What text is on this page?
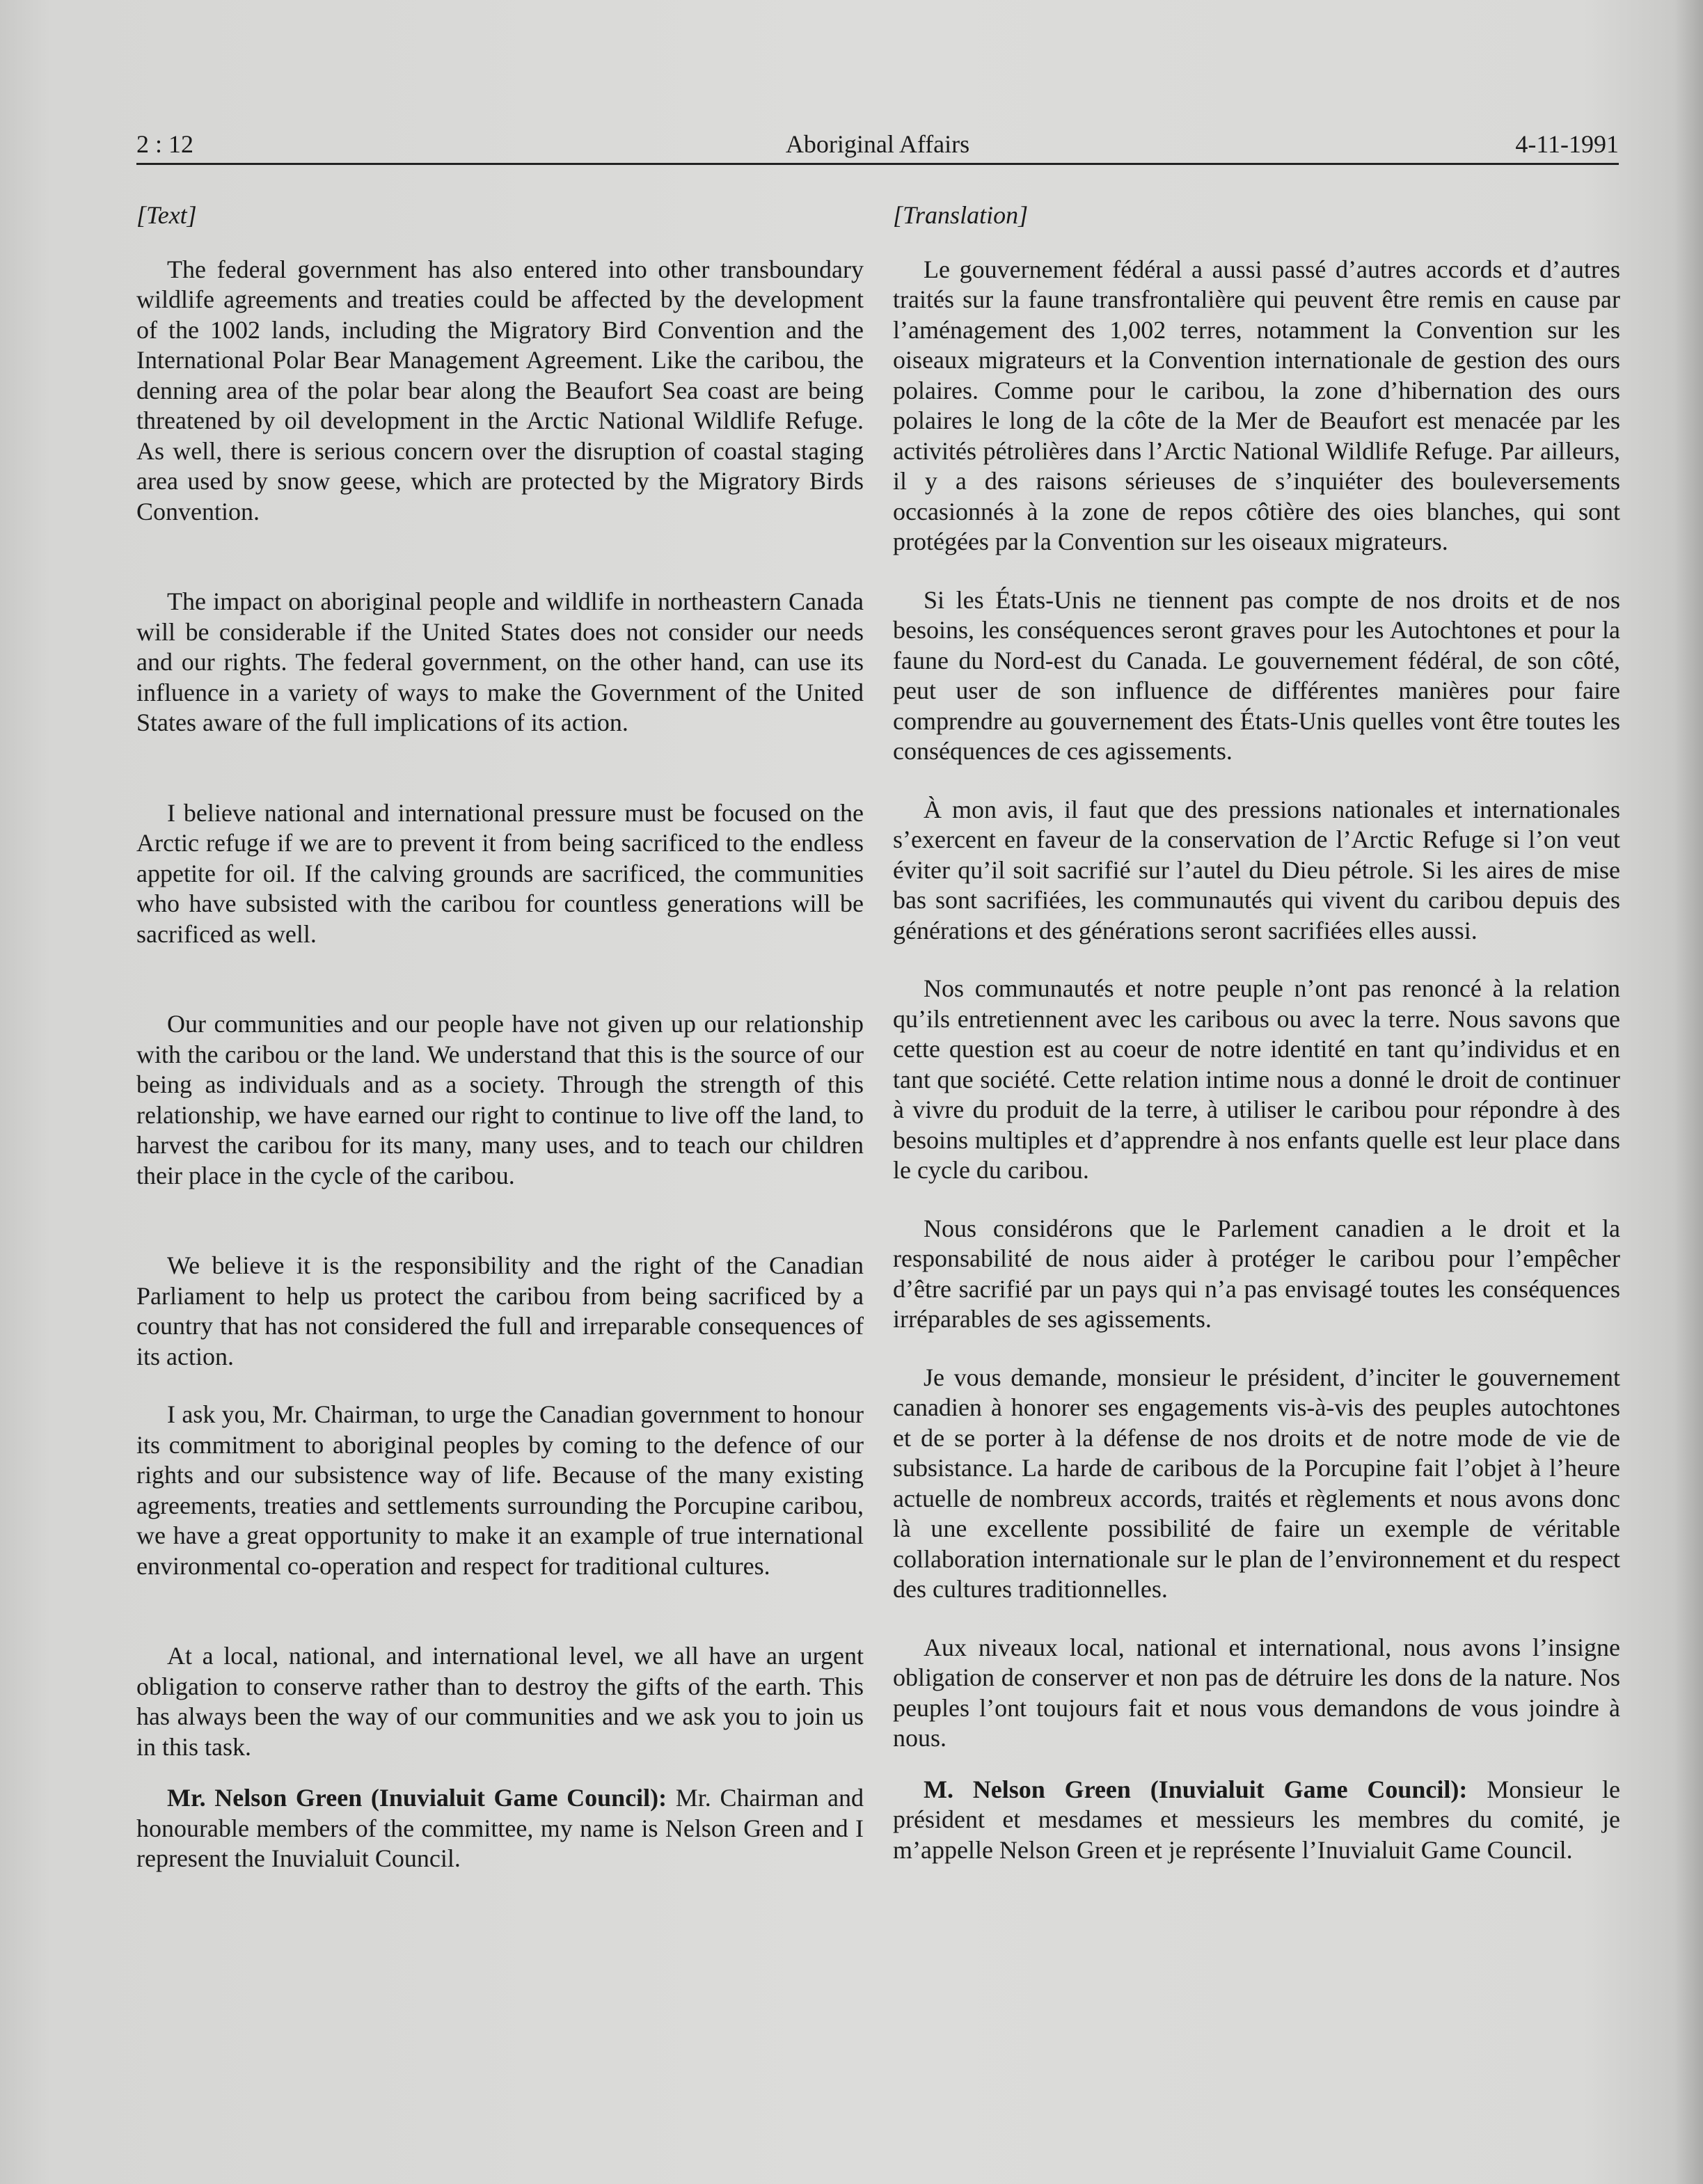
2 : 12	Aboriginal Affairs	4-11-1991

[Text]

The federal government has also entered into other transboundary wildlife agreements and treaties could be affected by the development of the 1002 lands, including the Migratory Bird Convention and the International Polar Bear Management Agreement. Like the caribou, the denning area of the polar bear along the Beaufort Sea coast are being threatened by oil development in the Arctic National Wildlife Refuge. As well, there is serious concern over the disruption of coastal staging area used by snow geese, which are protected by the Migratory Birds Convention.

The impact on aboriginal people and wildlife in northeastern Canada will be considerable if the United States does not consider our needs and our rights. The federal government, on the other hand, can use its influence in a variety of ways to make the Government of the United States aware of the full implications of its action.

I believe national and international pressure must be focused on the Arctic refuge if we are to prevent it from being sacrificed to the endless appetite for oil. If the calving grounds are sacrificed, the communities who have subsisted with the caribou for countless generations will be sacrificed as well.

Our communities and our people have not given up our relationship with the caribou or the land. We understand that this is the source of our being as individuals and as a society. Through the strength of this relationship, we have earned our right to continue to live off the land, to harvest the caribou for its many, many uses, and to teach our children their place in the cycle of the caribou.

We believe it is the responsibility and the right of the Canadian Parliament to help us protect the caribou from being sacrificed by a country that has not considered the full and irreparable consequences of its action.

I ask you, Mr. Chairman, to urge the Canadian government to honour its commitment to aboriginal peoples by coming to the defence of our rights and our subsistence way of life. Because of the many existing agreements, treaties and settlements surrounding the Porcupine caribou, we have a great opportunity to make it an example of true international environmental co-operation and respect for traditional cultures.

At a local, national, and international level, we all have an urgent obligation to conserve rather than to destroy the gifts of the earth. This has always been the way of our communities and we ask you to join us in this task.

Mr. Nelson Green (Inuvialuit Game Council): Mr. Chairman and honourable members of the committee, my name is Nelson Green and I represent the Inuvialuit Council.

[Translation]

Le gouvernement fédéral a aussi passé d’autres accords et d’autres traités sur la faune transfrontalière qui peuvent être remis en cause par l’aménagement des 1,002 terres, notamment la Convention sur les oiseaux migrateurs et la Convention internationale de gestion des ours polaires. Comme pour le caribou, la zone d’hibernation des ours polaires le long de la côte de la Mer de Beaufort est menacée par les activités pétrolières dans l’Arctic National Wildlife Refuge. Par ailleurs, il y a des raisons sérieuses de s’inquiéter des bouleversements occasionnés à la zone de repos côtière des oies blanches, qui sont protégées par la Convention sur les oiseaux migrateurs.

Si les États-Unis ne tiennent pas compte de nos droits et de nos besoins, les conséquences seront graves pour les Autochtones et pour la faune du Nord-est du Canada. Le gouvernement fédéral, de son côté, peut user de son influence de différentes manières pour faire comprendre au gouvernement des États-Unis quelles vont être toutes les conséquences de ces agissements.

À mon avis, il faut que des pressions nationales et internationales s’exercent en faveur de la conservation de l’Arctic Refuge si l’on veut éviter qu’il soit sacrifié sur l’autel du Dieu pétrole. Si les aires de mise bas sont sacrifiées, les communautés qui vivent du caribou depuis des générations et des générations seront sacrifiées elles aussi.

Nos communautés et notre peuple n’ont pas renoncé à la relation qu’ils entretiennent avec les caribous ou avec la terre. Nous savons que cette question est au coeur de notre identité en tant qu’individus et en tant que société. Cette relation intime nous a donné le droit de continuer à vivre du produit de la terre, à utiliser le caribou pour répondre à des besoins multiples et d’apprendre à nos enfants quelle est leur place dans le cycle du caribou.

Nous considérons que le Parlement canadien a le droit et la responsabilité de nous aider à protéger le caribou pour l’empêcher d’être sacrifié par un pays qui n’a pas envisagé toutes les conséquences irréparables de ses agissements.

Je vous demande, monsieur le président, d’inciter le gouvernement canadien à honorer ses engagements vis-à-vis des peuples autochtones et de se porter à la défense de nos droits et de notre mode de vie de subsistance. La harde de caribous de la Porcupine fait l’objet à l’heure actuelle de nombreux accords, traités et règlements et nous avons donc là une excellente possibilité de faire un exemple de véritable collaboration internationale sur le plan de l’environnement et du respect des cultures traditionnelles.

Aux niveaux local, national et international, nous avons l’insigne obligation de conserver et non pas de détruire les dons de la nature. Nos peuples l’ont toujours fait et nous vous demandons de vous joindre à nous.

M. Nelson Green (Inuvialuit Game Council): Monsieur le président et mesdames et messieurs les membres du comité, je m’appelle Nelson Green et je représente l’Inuvialuit Game Council.
